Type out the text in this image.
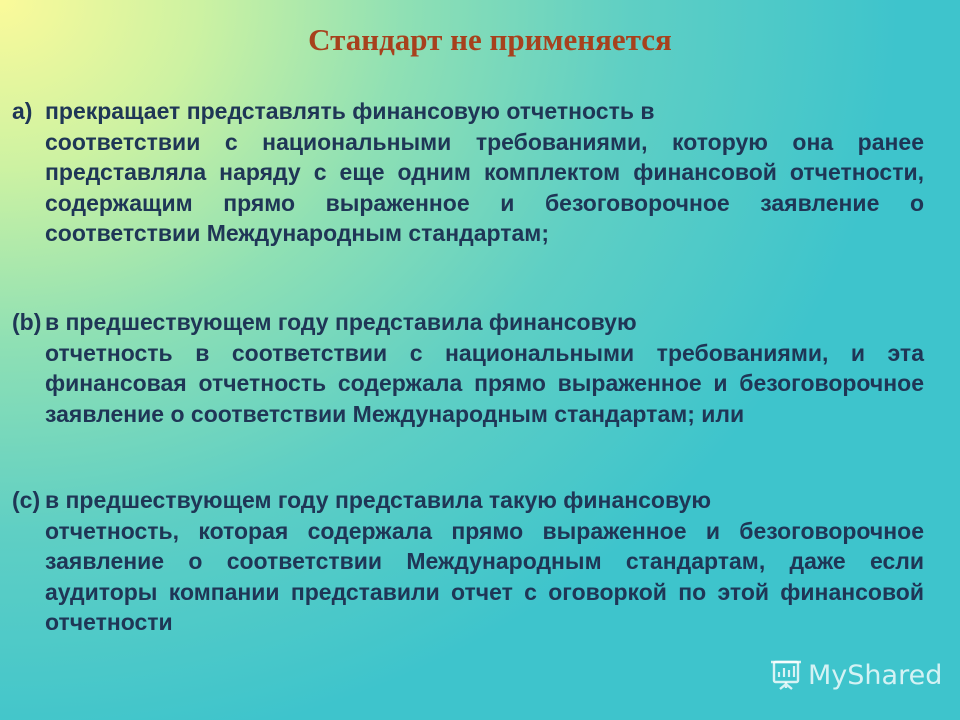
Стандарт не применяется
а) прекращает представлять финансовую отчетность в
соответствии с национальными требованиями, которую она ранее представляла наряду с еще одним комплектом финансовой отчетности, содержащим прямо выраженное и безоговорочное заявление о соответствии Международным стандартам;
(b) в предшествующем году представила финансовую
отчетность в соответствии с национальными требованиями, и эта финансовая отчетность содержала прямо выраженное и безоговорочное заявление о соответствии Международным стандартам; или
(c) в предшествующем году представила такую финансовую
отчетность, которая содержала прямо выраженное и безоговорочное заявление о соответствии Международным стандартам, даже если аудиторы компании представили отчет с оговоркой по этой финансовой отчетности
MyShared
